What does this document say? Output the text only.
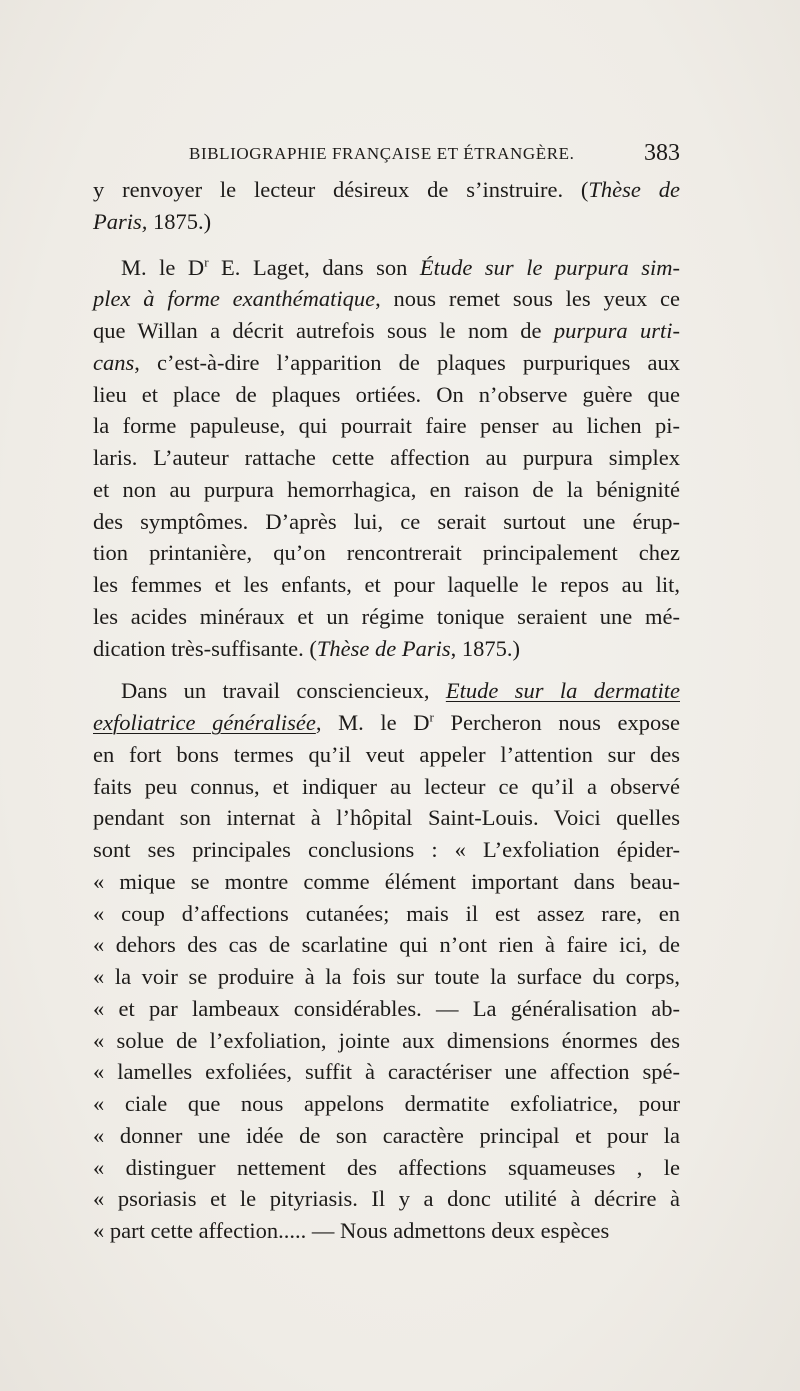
BIBLIOGRAPHIE FRANÇAISE ET ÉTRANGÈRE.	383
y renvoyer le lecteur désireux de s’instruire. (Thèse de
Paris, 1875.)
M. le $D^r$ E. Laget, dans son Étude sur le purpura sim-
plex à forme exanthématique, nous remet sous les yeux ce
que Willan a décrit autrefois sous le nom de purpura urti-
cans, c’est-à-dire l’apparition de plaques purpuriques aux
lieu et place de plaques ortiées. On n’observe guère que
la forme papuleuse, qui pourrait faire penser au lichen pi-
laris. L’auteur rattache cette affection au purpura simplex
et non au purpura hemorrhagica, en raison de la bénignité
des symptômes. D’après lui, ce serait surtout une érup-
tion printanière, qu’on rencontrerait principalement chez
les femmes et les enfants, et pour laquelle le repos au lit,
les acides minéraux et un régime tonique seraient une mé-
dication très-suffisante. (Thèse de Paris, 1875.)
Dans un travail consciencieux, Etude sur la dermatite
exfoliatrice généralisée, M. le $D^r$ Percheron nous expose
en fort bons termes qu’il veut appeler l’attention sur des
faits peu connus, et indiquer au lecteur ce qu’il a observé
pendant son internat à l’hôpital Saint-Louis. Voici quelles
sont ses principales conclusions : « L’exfoliation épider-
« mique se montre comme élément important dans beau-
« coup d’affections cutanées; mais il est assez rare, en
« dehors des cas de scarlatine qui n’ont rien à faire ici, de
« la voir se produire à la fois sur toute la surface du corps,
« et par lambeaux considérables. — La généralisation ab-
« solue de l’exfoliation, jointe aux dimensions énormes des
« lamelles exfoliées, suffit à caractériser une affection spé-
« ciale que nous appelons dermatite exfoliatrice, pour
« donner une idée de son caractère principal et pour la
« distinguer nettement des affections squameuses , le
« psoriasis et le pityriasis. Il y a donc utilité à décrire à
« part cette affection..... — Nous admettons deux espèces
